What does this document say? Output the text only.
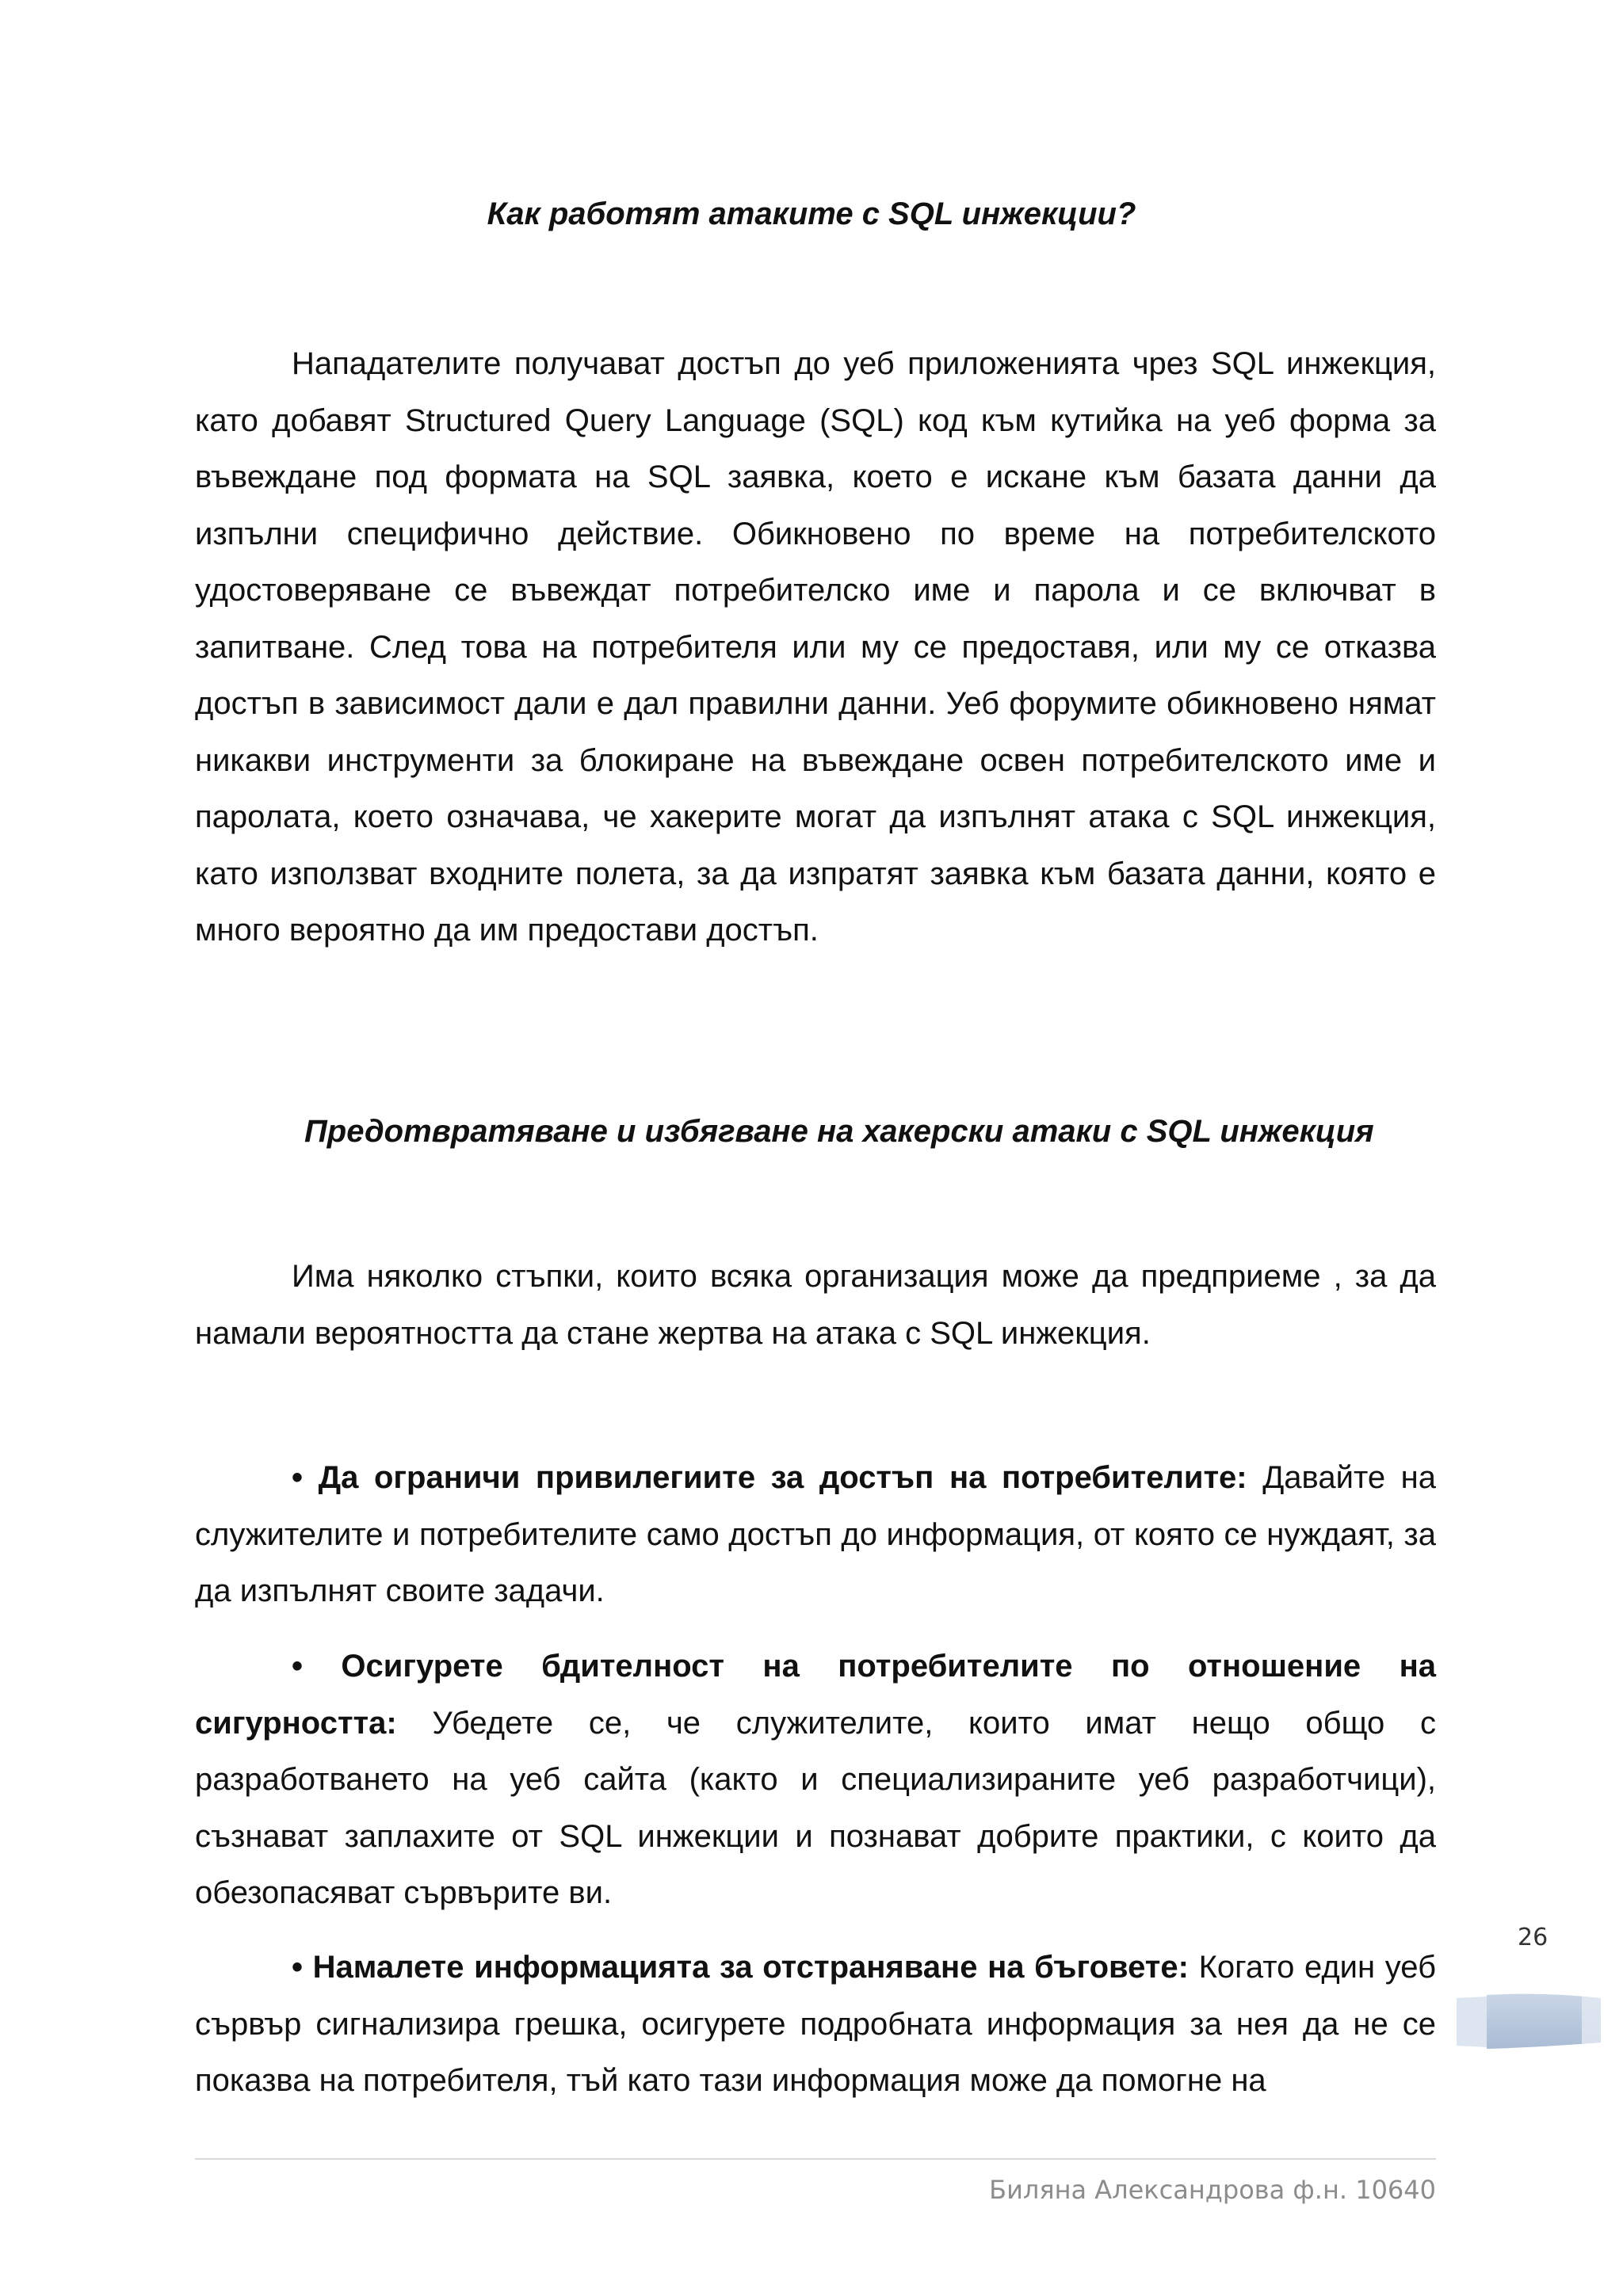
Как работят атаките с SQL инжекции?

Нападателите получават достъп до уеб приложенията чрез SQL инжекция, като добавят Structured Query Language (SQL) код към кутийка на уеб форма за въвеждане под формата на SQL заявка, което е искане към базата данни да изпълни специфично действие. Обикновено по време на потребителското удостоверяване се въвеждат потребителско име и парола и се включват в запитване. След това на потребителя или му се предоставя, или му се отказва достъп в зависимост дали е дал правилни данни. Уеб форумите обикновено нямат никакви инструменти за блокиране на въвеждане освен потребителското име и паролата, което означава, че хакерите могат да изпълнят атака с SQL инжекция, като използват входните полета, за да изпратят заявка към базата данни, която е много вероятно да им предостави достъп.

Предотвратяване и избягване на хакерски атаки с SQL инжекция

Има няколко стъпки, които всяка организация може да предприеме , за да намали вероятността да стане жертва на атака с SQL инжекция.

• Да ограничи привилегиите за достъп на потребителите: Давайте на служителите и потребителите само достъп до информация, от която се нуждаят, за да изпълнят своите задачи.

• Осигурете бдителност на потребителите по отношение на сигурността: Убедете се, че служителите, които имат нещо общо с разработването на уеб сайта (както и специализираните уеб разработчици), съзнават заплахите от SQL инжекции и познават добрите практики, с които да обезопасяват сървърите ви.

• Намалете информацията за отстраняване на бъговете: Когато един уеб сървър сигнализира грешка, осигурете подробната информация за нея да не се показва на потребителя, тъй като тази информация може да помогне на

26
Биляна Александрова ф.н. 10640
